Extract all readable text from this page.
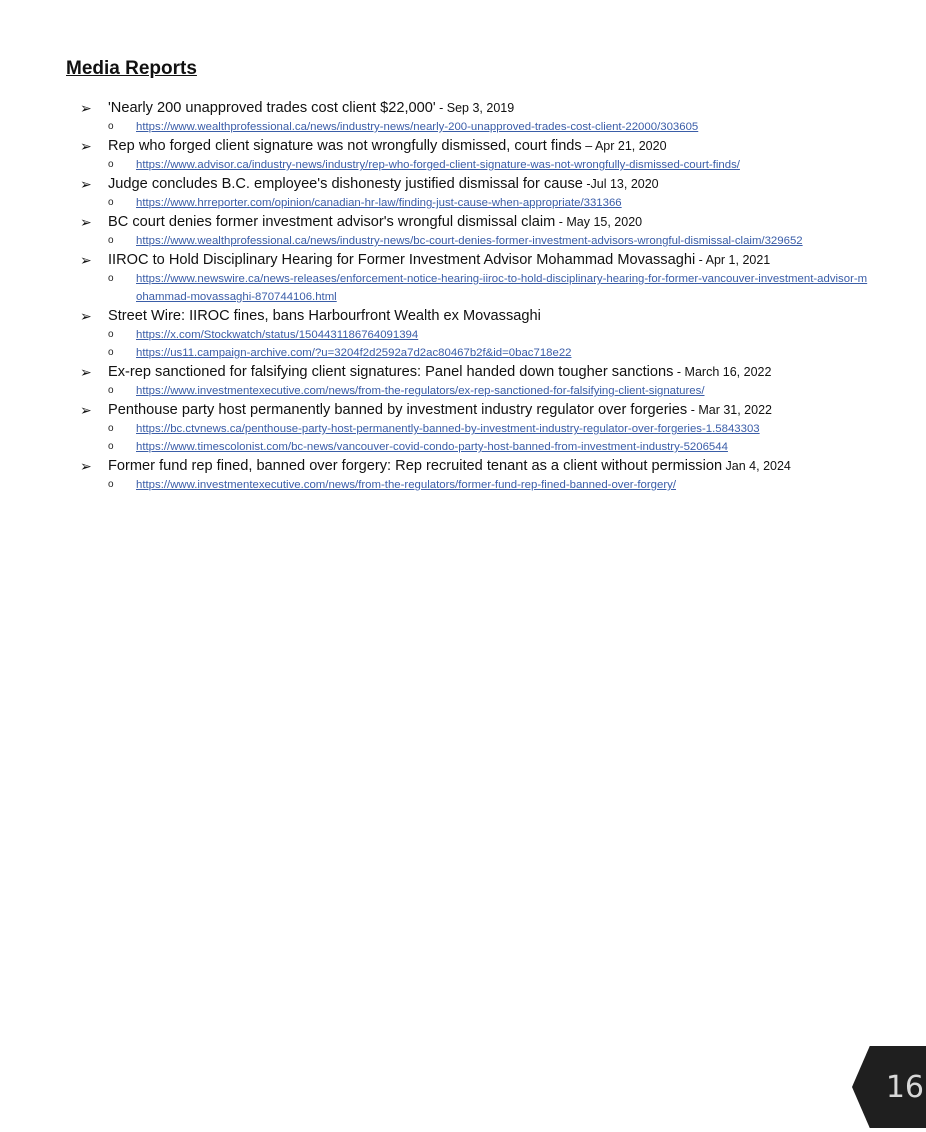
Media Reports
➢ 'Nearly 200 unapproved trades cost client $22,000' - Sep 3, 2019
o https://www.wealthprofessional.ca/news/industry-news/nearly-200-unapproved-trades-cost-client-22000/303605
➢ Rep who forged client signature was not wrongfully dismissed, court finds – Apr 21, 2020
o https://www.advisor.ca/industry-news/industry/rep-who-forged-client-signature-was-not-wrongfully-dismissed-court-finds/
➢ Judge concludes B.C. employee's dishonesty justified dismissal for cause -Jul 13, 2020
o https://www.hrreporter.com/opinion/canadian-hr-law/finding-just-cause-when-appropriate/331366
➢ BC court denies former investment advisor's wrongful dismissal claim - May 15, 2020
o https://www.wealthprofessional.ca/news/industry-news/bc-court-denies-former-investment-advisors-wrongful-dismissal-claim/329652
➢ IIROC to Hold Disciplinary Hearing for Former Investment Advisor Mohammad Movassaghi - Apr 1, 2021
o https://www.newswire.ca/news-releases/enforcement-notice-hearing-iiroc-to-hold-disciplinary-hearing-for-former-vancouver-investment-advisor-mohammad-movassaghi-870744106.html
➢ Street Wire: IIROC fines, bans Harbourfront Wealth ex Movassaghi
o https://x.com/Stockwatch/status/1504431186764091394
o https://us11.campaign-archive.com/?u=3204f2d2592a7d2ac80467b2f&id=0bac718e22
➢ Ex-rep sanctioned for falsifying client signatures: Panel handed down tougher sanctions - March 16, 2022
o https://www.investmentexecutive.com/news/from-the-regulators/ex-rep-sanctioned-for-falsifying-client-signatures/
➢ Penthouse party host permanently banned by investment industry regulator over forgeries - Mar 31, 2022
o https://bc.ctvnews.ca/penthouse-party-host-permanently-banned-by-investment-industry-regulator-over-forgeries-1.5843303
o https://www.timescolonist.com/bc-news/vancouver-covid-condo-party-host-banned-from-investment-industry-5206544
➢ Former fund rep fined, banned over forgery: Rep recruited tenant as a client without permission Jan 4, 2024
o https://www.investmentexecutive.com/news/from-the-regulators/former-fund-rep-fined-banned-over-forgery/
16
